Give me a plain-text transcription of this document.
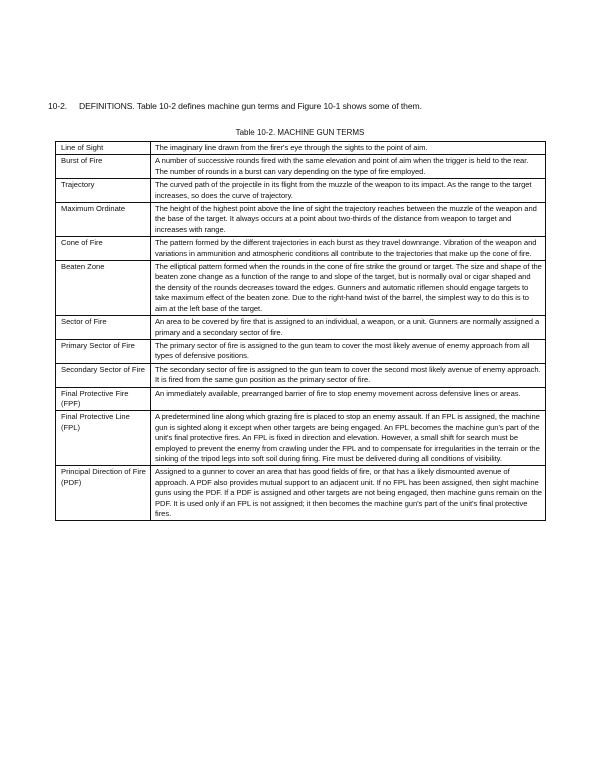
10-2. DEFINITIONS. Table 10-2 defines machine gun terms and Figure 10-1 shows some of them.
Table 10-2. MACHINE GUN TERMS
Line of Sight	The imaginary line drawn from the firer's eye through the sights to the point of aim.
Burst of Fire	A number of successive rounds fired with the same elevation and point of aim when the trigger is held to the rear. The number of rounds in a burst can vary depending on the type of fire employed.
Trajectory	The curved path of the projectile in its flight from the muzzle of the weapon to its impact. As the range to the target increases, so does the curve of trajectory.
Maximum Ordinate	The height of the highest point above the line of sight the trajectory reaches between the muzzle of the weapon and the base of the target. It always occurs at a point about two-thirds of the distance from weapon to target and increases with range.
Cone of Fire	The pattern formed by the different trajectories in each burst as they travel downrange. Vibration of the weapon and variations in ammunition and atmospheric conditions all contribute to the trajectories that make up the cone of fire.
Beaten Zone	The elliptical pattern formed when the rounds in the cone of fire strike the ground or target. The size and shape of the beaten zone change as a function of the range to and slope of the target, but is normally oval or cigar shaped and the density of the rounds decreases toward the edges. Gunners and automatic riflemen should engage targets to take maximum effect of the beaten zone. Due to the right-hand twist of the barrel, the simplest way to do this is to aim at the left base of the target.
Sector of Fire	An area to be covered by fire that is assigned to an individual, a weapon, or a unit. Gunners are normally assigned a primary and a secondary sector of fire.
Primary Sector of Fire	The primary sector of fire is assigned to the gun team to cover the most likely avenue of enemy approach from all types of defensive positions.
Secondary Sector of Fire	The secondary sector of fire is assigned to the gun team to cover the second most likely avenue of enemy approach. It is fired from the same gun position as the primary sector of fire.
Final Protective Fire (FPF)	An immediately available, prearranged barrier of fire to stop enemy movement across defensive lines or areas.
Final Protective Line (FPL)	A predetermined line along which grazing fire is placed to stop an enemy assault. If an FPL is assigned, the machine gun is sighted along it except when other targets are being engaged. An FPL becomes the machine gun's part of the unit's final protective fires. An FPL is fixed in direction and elevation. However, a small shift for search must be employed to prevent the enemy from crawling under the FPL and to compensate for irregularities in the terrain or the sinking of the tripod legs into soft soil during firing. Fire must be delivered during all conditions of visibility.
Principal Direction of Fire (PDF)	Assigned to a gunner to cover an area that has good fields of fire, or that has a likely dismounted avenue of approach. A PDF also provides mutual support to an adjacent unit. If no FPL has been assigned, then sight machine guns using the PDF. If a PDF is assigned and other targets are not being engaged, then machine guns remain on the PDF. It is used only if an FPL is not assigned; it then becomes the machine gun's part of the unit's final protective fires.
